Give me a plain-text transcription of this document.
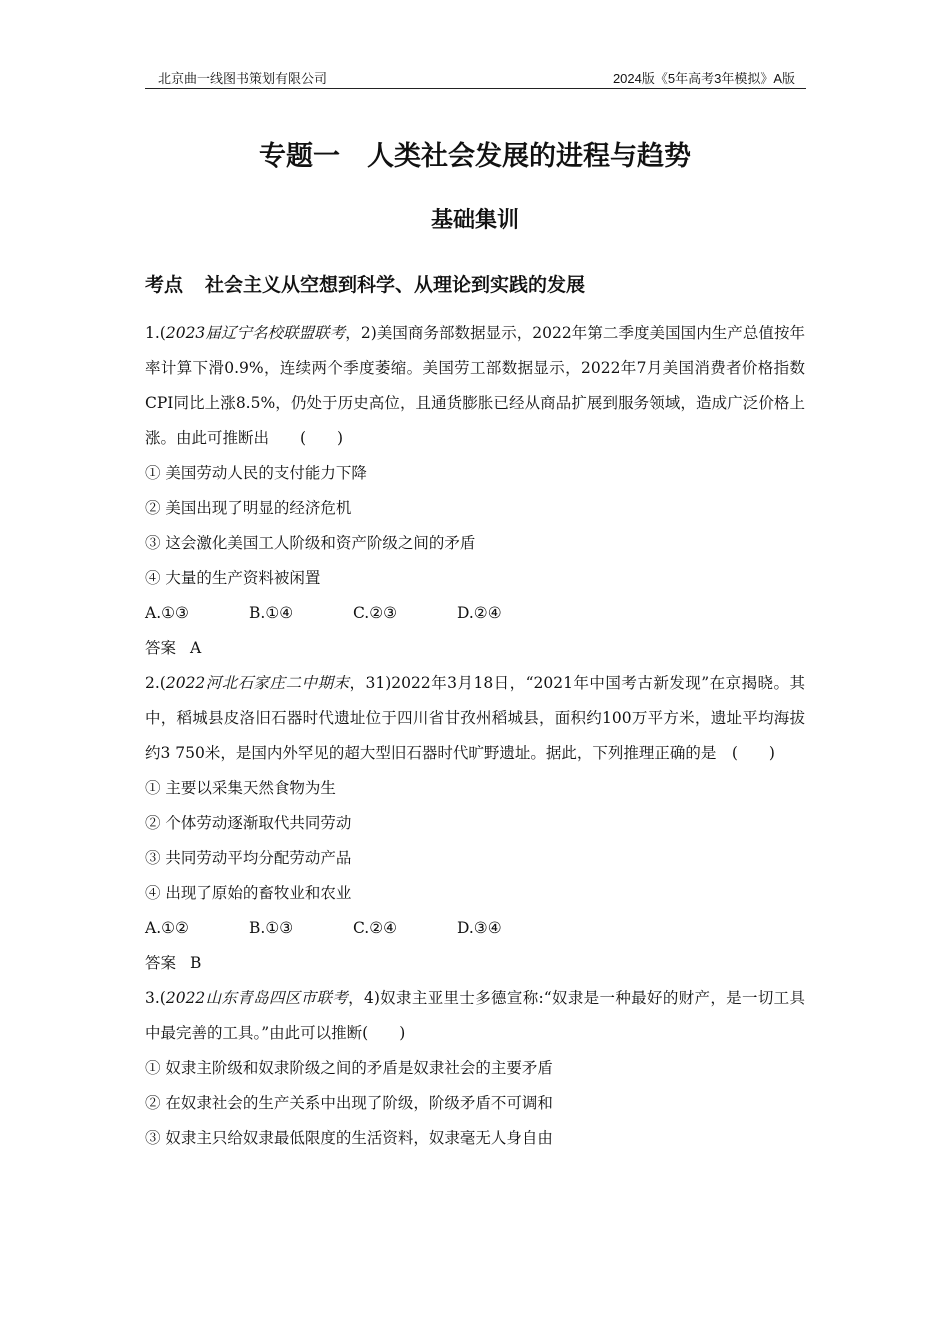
北京曲一线图书策划有限公司	2024版《5年高考3年模拟》A版
专题一　人类社会发展的进程与趋势
基础集训
考点 社会主义从空想到科学、从理论到实践的发展
1.(2023届辽宁名校联盟联考，2)美国商务部数据显示，2022年第二季度美国国内生产总值按年率计算下滑0.9%，连续两个季度萎缩。美国劳工部数据显示，2022年7月美国消费者价格指数CPI同比上涨8.5%，仍处于历史高位，且通货膨胀已经从商品扩展到服务领域，造成广泛价格上涨。由此可推断出　　(　　)
① 美国劳动人民的支付能力下降
② 美国出现了明显的经济危机
③ 这会激化美国工人阶级和资产阶级之间的矛盾
④ 大量的生产资料被闲置
A.①③	B.①④	C.②③	D.②④
答案 A
2.(2022河北石家庄二中期末，31)2022年3月18日，“2021年中国考古新发现”在京揭晓。其中，稻城县皮洛旧石器时代遗址位于四川省甘孜州稻城县，面积约100万平方米，遗址平均海拔约3 750米，是国内外罕见的超大型旧石器时代旷野遗址。据此，下列推理正确的是　(　　)
① 主要以采集天然食物为生
② 个体劳动逐渐取代共同劳动
③ 共同劳动平均分配劳动产品
④ 出现了原始的畜牧业和农业
A.①②	B.①③	C.②④	D.③④
答案 B
3.(2022山东青岛四区市联考，4)奴隶主亚里士多德宣称:“奴隶是一种最好的财产，是一切工具中最完善的工具。”由此可以推断(　　)
① 奴隶主阶级和奴隶阶级之间的矛盾是奴隶社会的主要矛盾
② 在奴隶社会的生产关系中出现了阶级，阶级矛盾不可调和
③ 奴隶主只给奴隶最低限度的生活资料，奴隶毫无人身自由
